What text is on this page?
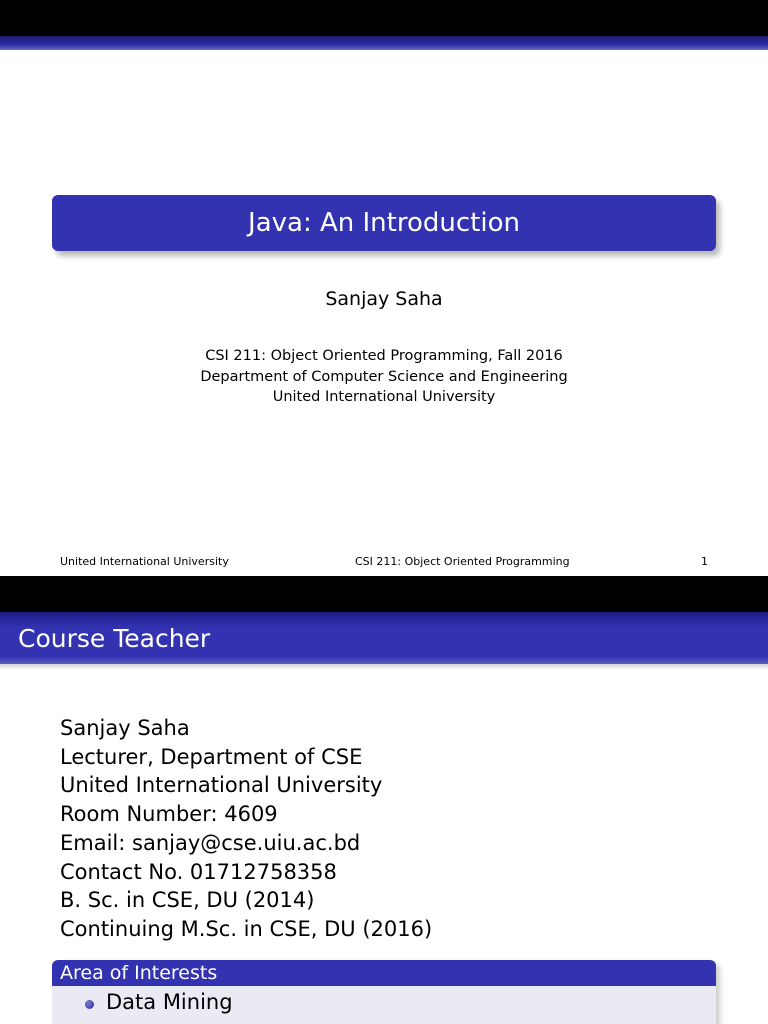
Java: An Introduction
Sanjay Saha
CSI 211: Object Oriented Programming, Fall 2016
Department of Computer Science and Engineering
United International University
United International University	CSI 211: Object Oriented Programming	1
Course Teacher
Sanjay Saha
Lecturer, Department of CSE
United International University
Room Number: 4609
Email: sanjay@cse.uiu.ac.bd
Contact No. 01712758358
B. Sc. in CSE, DU (2014)
Continuing M.Sc. in CSE, DU (2016)
Area of Interests
Data Mining
